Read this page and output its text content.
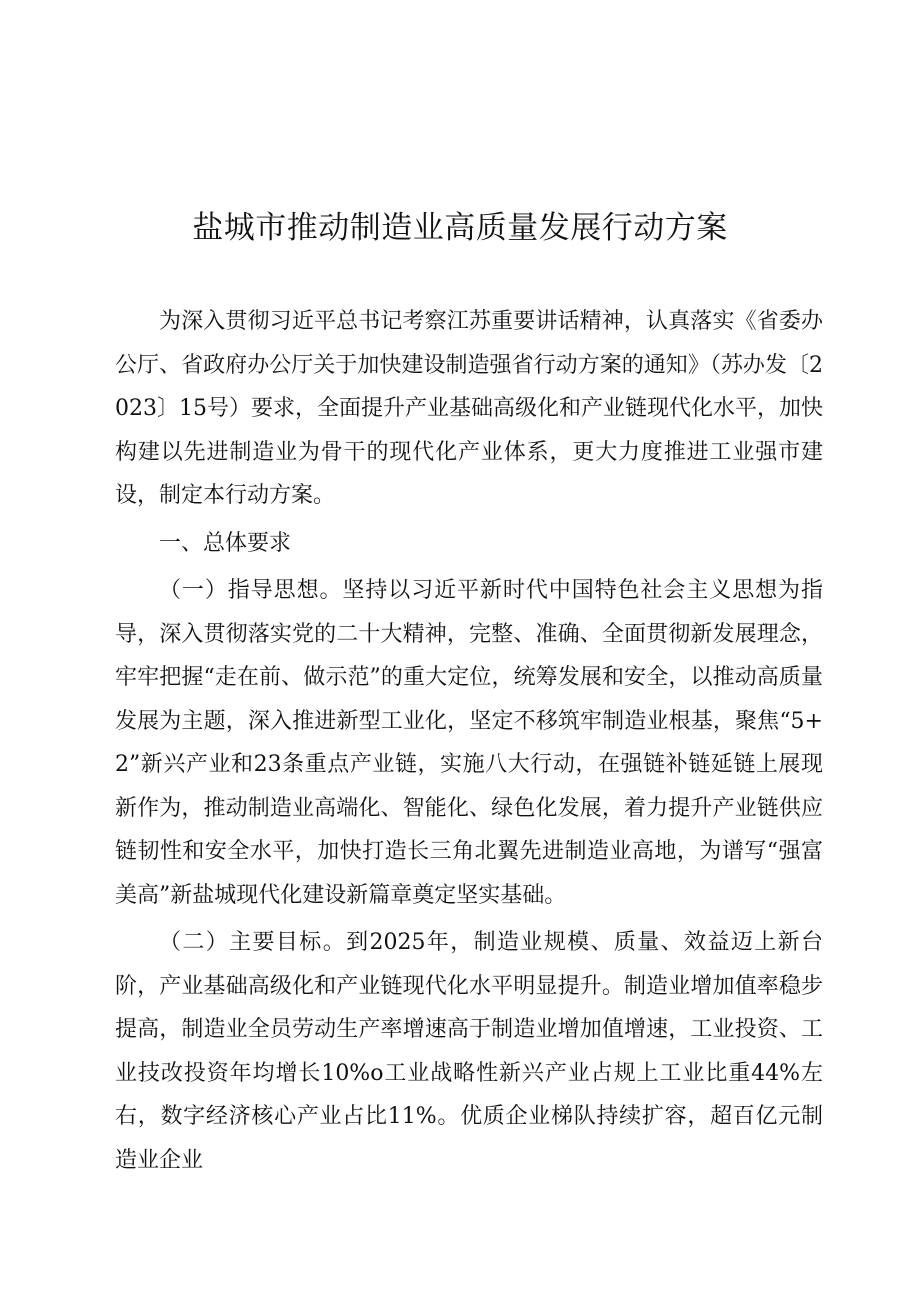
盐城市推动制造业高质量发展行动方案

为深入贯彻习近平总书记考察江苏重要讲话精神，认真落实《省委办公厅、省政府办公厅关于加快建设制造强省行动方案的通知》（苏办发〔2023〕15号）要求，全面提升产业基础高级化和产业链现代化水平，加快构建以先进制造业为骨干的现代化产业体系，更大力度推进工业强市建设，制定本行动方案。

一、总体要求

（一）指导思想。坚持以习近平新时代中国特色社会主义思想为指导，深入贯彻落实党的二十大精神，完整、准确、全面贯彻新发展理念，牢牢把握“走在前、做示范”的重大定位，统筹发展和安全，以推动高质量发展为主题，深入推进新型工业化，坚定不移筑牢制造业根基，聚焦“5+2”新兴产业和23条重点产业链，实施八大行动，在强链补链延链上展现新作为，推动制造业高端化、智能化、绿色化发展，着力提升产业链供应链韧性和安全水平，加快打造长三角北翼先进制造业高地，为谱写“强富美高”新盐城现代化建设新篇章奠定坚实基础。

（二）主要目标。到2025年，制造业规模、质量、效益迈上新台阶，产业基础高级化和产业链现代化水平明显提升。制造业增加值率稳步提高，制造业全员劳动生产率增速高于制造业增加值增速，工业投资、工业技改投资年均增长10%o工业战略性新兴产业占规上工业比重44%左右，数字经济核心产业占比11%。优质企业梯队持续扩容，超百亿元制造业企业
